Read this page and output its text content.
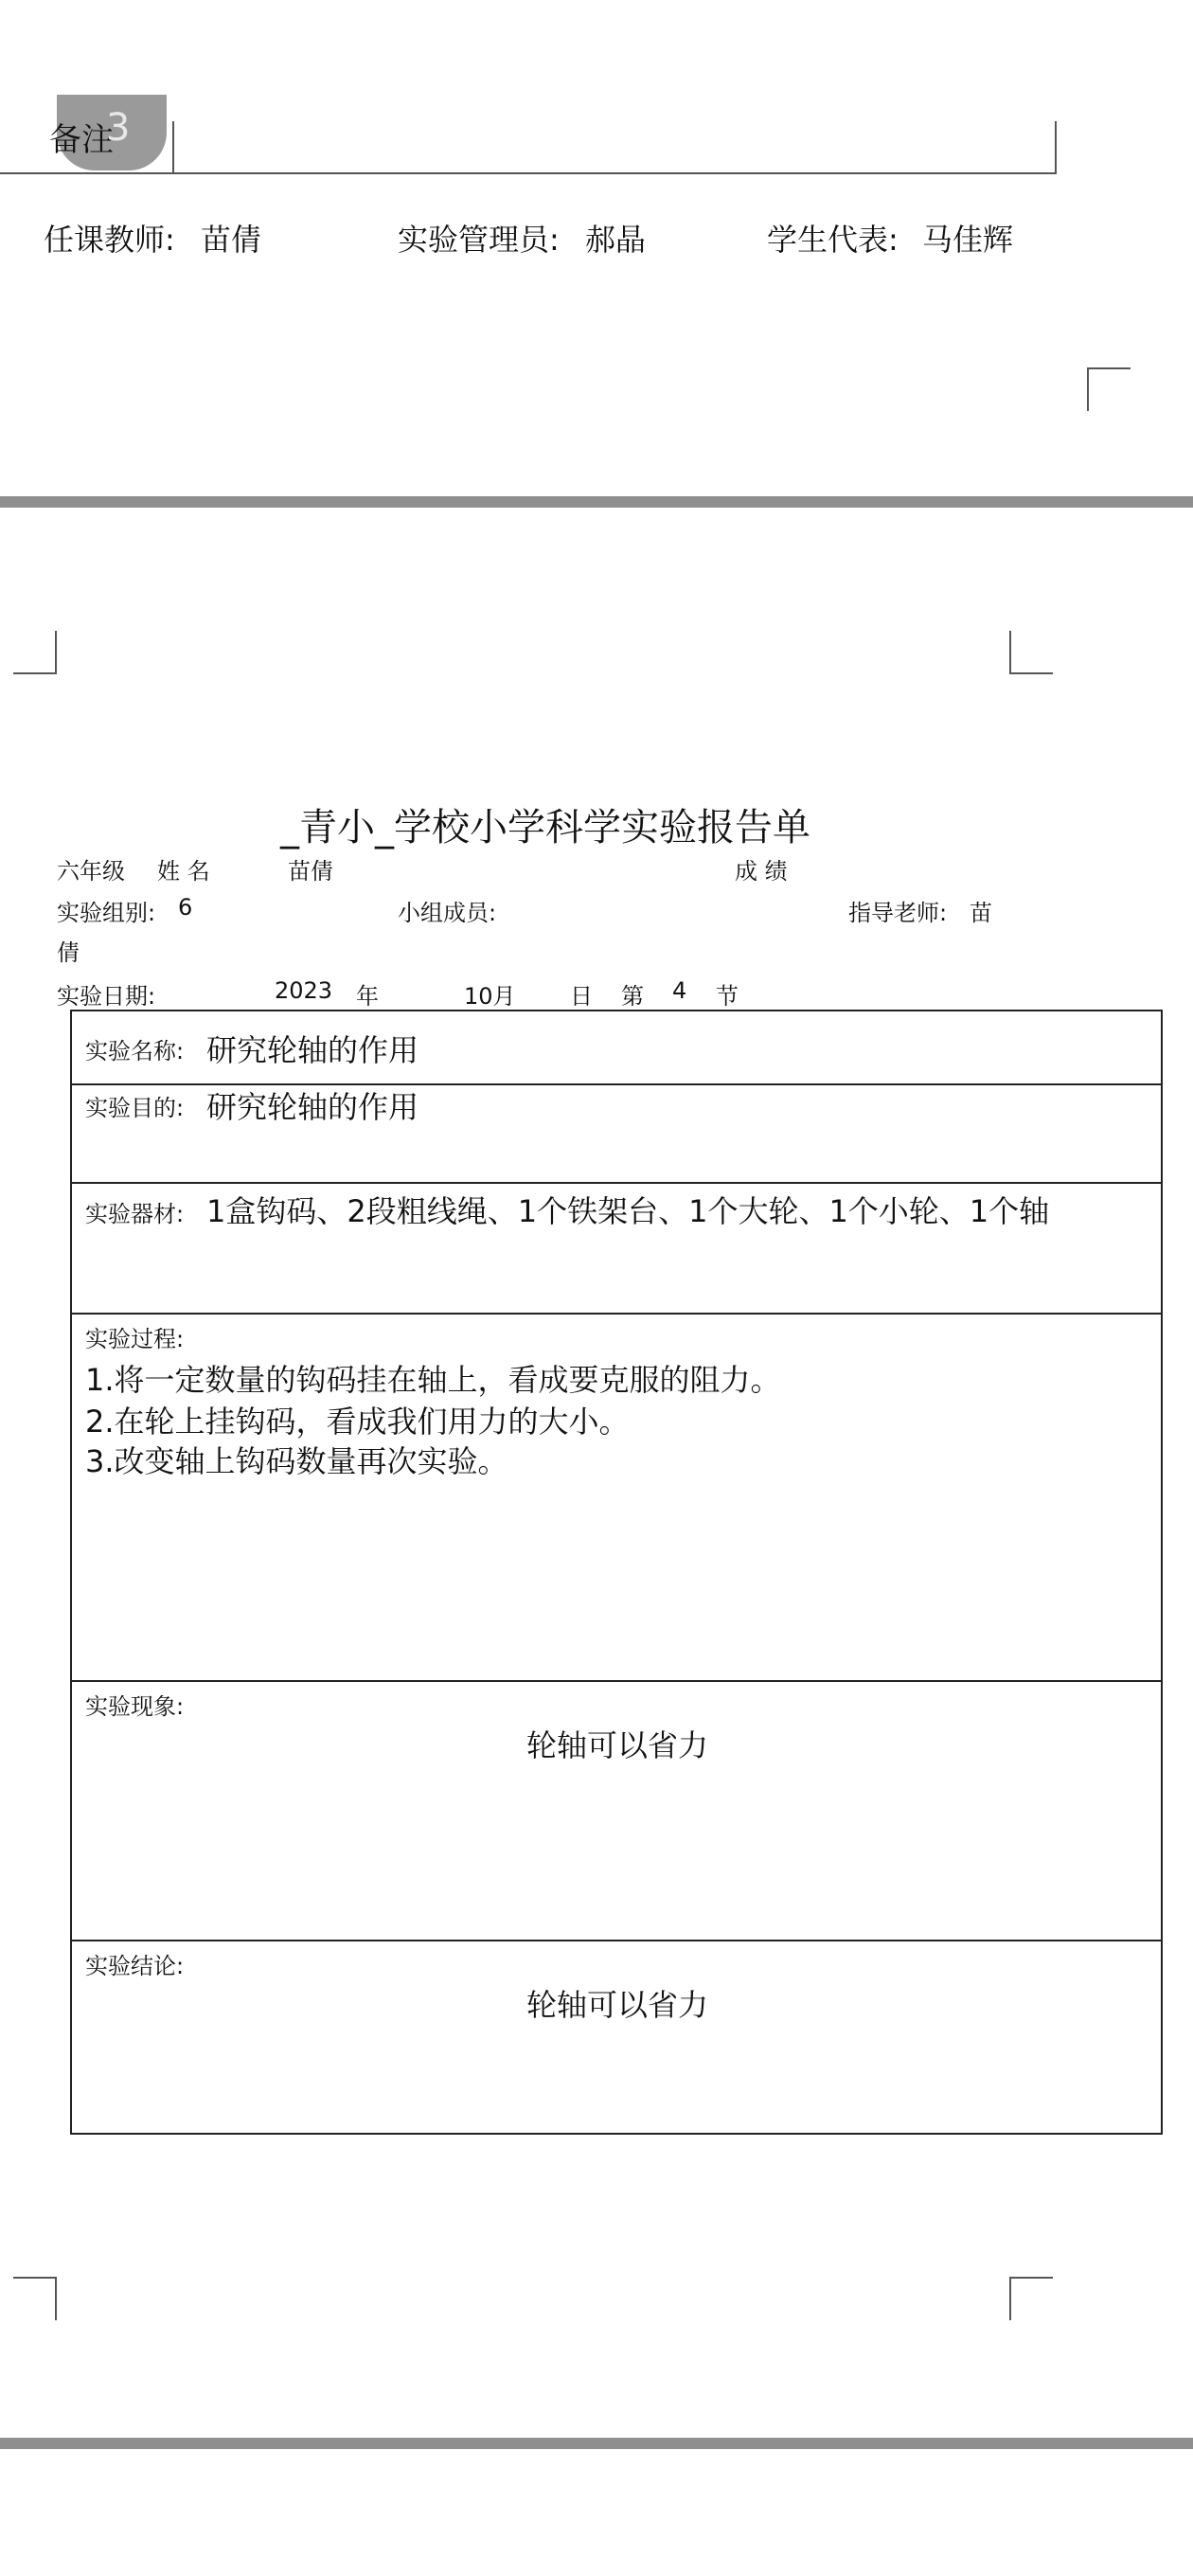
备注
3
任课教师: 苗倩	实验管理员: 郝晶	学生代表: 马佳辉
_青小_学校小学科学实验报告单
六年级 姓 名	苗倩	成 绩
实验组别: 6	小组成员:	指导老师: 苗
倩
实验日期:	2023 年	10月 日 第 4 节
实验名称: 研究轮轴的作用
实验目的: 研究轮轴的作用
实验器材: 1盒钩码、2段粗线绳、1个铁架台、1个大轮、1个小轮、1个轴
实验过程:
1.将一定数量的钩码挂在轴上，看成要克服的阻力。
2.在轮上挂钩码，看成我们用力的大小。
3.改变轴上钩码数量再次实验。
实验现象:
轮轴可以省力
实验结论:
轮轴可以省力
